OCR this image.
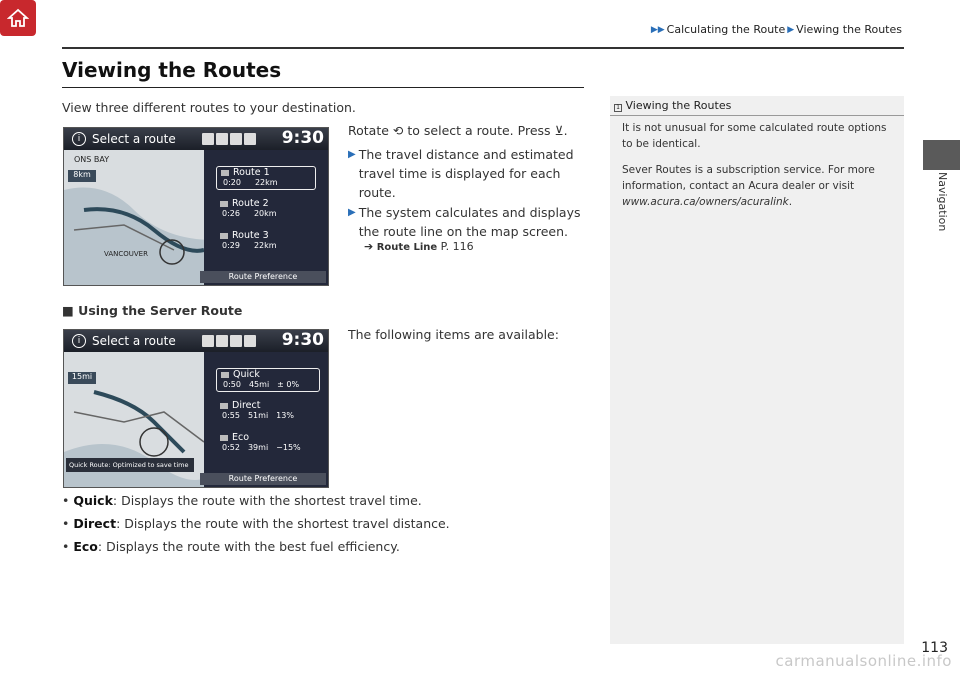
▶▶ Calculating the Route ▶ Viewing the Routes
Navigation
Viewing the Routes
View three different routes to your destination.
i Select a route	9:30
ONS BAY
VANCOUVER
8km	Route 1
0:20 22km
Route 2
0:26 20km
Route 3
0:29 22km
Route Preference
Rotate ⟲ to select a route. Press ⊻.
▶ The travel distance and estimated travel time is displayed for each route.
▶ The system calculates and displays the route line on the map screen.
➔ Route Line P. 116
■ Using the Server Route
The following items are available:
i Select a route	9:30
15mi
Quick Route: Optimized to save time
Quick
0:50 45mi ± 0%
Direct
0:55 51mi 13%
Eco
0:52 39mi −15%
Route Preference
• Quick: Displays the route with the shortest travel time.
• Direct: Displays the route with the shortest travel distance.
• Eco: Displays the route with the best fuel efficiency.
1 Viewing the Routes
It is not unusual for some calculated route options to be identical.
Sever Routes is a subscription service. For more information, contact an Acura dealer or visit www.acura.ca/owners/acuralink.
113
carmanualsonline.info
